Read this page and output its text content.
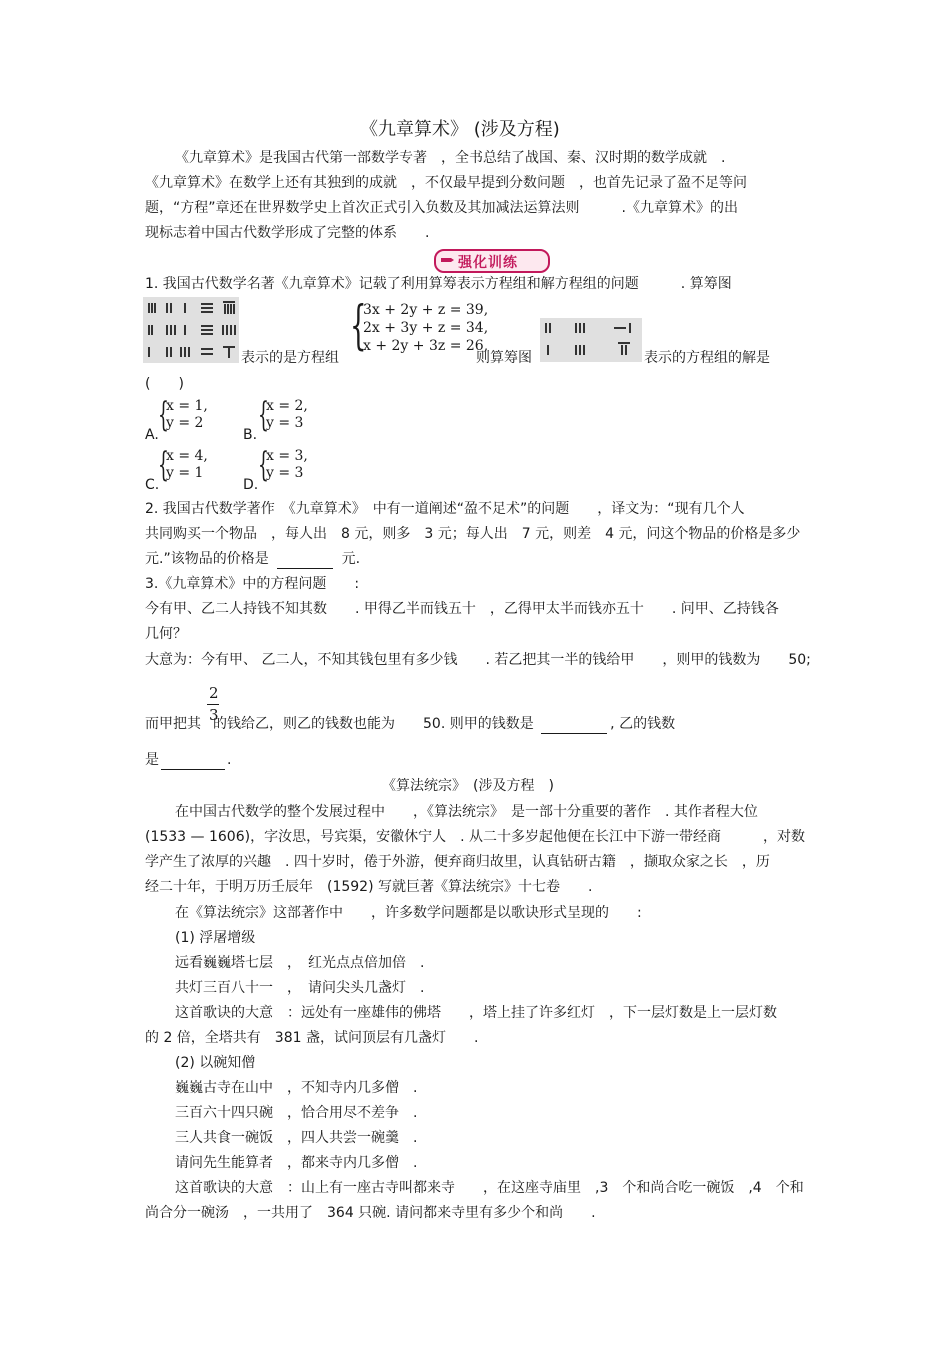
《九章算术》 (涉及方程)
《九章算术》是我国古代第一部数学专著　，全书总结了战国、秦、汉时期的数学成就　.
《九章算术》在数学上还有其独到的成就　，不仅最早提到分数问题　，也首先记录了盈不足等问
题，“方程”章还在世界数学史上首次正式引入负数及其加减法运算法则　　　.《九章算术》的出
现标志着中国古代数学形成了完整的体系　　.
强化训练
1. 我国古代数学名著《九章算术》记载了利用算筹表示方程组和解方程组的问题　　　. 算筹图
表示的是方程组
{
3x + 2y + z = 39,
2x + 3y + z = 34,
x + 2y + 3z = 26,
则算筹图	表示的方程组的解是
(　　)
A. {
x = 1,
y = 2
B. {
x = 2,
y = 3
C.
{
x = 4,
y = 1
D. {
x = 3,
y = 3
2. 我国古代数学著作　《九章算术》　中有一道阐述“盈不足术”的问题　　，译文为：“现有几个人
共同购买一个物品　，每人出　8 元，则多　3 元；每人出　7 元，则差　4 元，问这个物品的价格是多少
元.”该物品的价格是	元.
3.《九章算术》中的方程问题　　:
今有甲、乙二人持钱不知其数　　. 甲得乙半而钱五十　，乙得甲太半而钱亦五十　　. 问甲、乙持钱各
几何？
大意为：今有甲、 乙二人，不知其钱包里有多少钱　　. 若乙把其一半的钱给甲　　，则甲的钱数为　　50;
2
3
而甲把其 的钱给乙，则乙的钱数也能为　　50. 则甲的钱数是	, 乙的钱数
是	.
《算法统宗》　(涉及方程　)
在中国古代数学的整个发展过程中　　，《算法统宗》　是一部十分重要的著作　. 其作者程大位
(1533 — 1606)，字汝思，号宾渠，安徽休宁人　. 从二十多岁起他便在长江中下游一带经商　　　，对数
学产生了浓厚的兴趣　. 四十岁时，倦于外游，便弃商归故里，认真钻研古籍　，撷取众家之长　，历
经二十年，于明万历壬辰年　(1592) 写就巨著《算法统宗》十七卷　　.
在《算法统宗》这部著作中　　，许多数学问题都是以歌诀形式呈现的　　:
(1) 浮屠增级
远看巍巍塔七层　，　红光点点倍加倍　.
共灯三百八十一　，　请问尖头几盏灯　.
这首歌诀的大意　：远处有一座雄伟的佛塔　　，塔上挂了许多红灯　，下一层灯数是上一层灯数
的 2 倍，全塔共有　381 盏，试问顶层有几盏灯　　.
(2) 以碗知僧
巍巍古寺在山中　，不知寺内几多僧　.
三百六十四只碗　，恰合用尽不差争　.
三人共食一碗饭　，四人共尝一碗羹　.
请问先生能算者　，都来寺内几多僧　.
这首歌诀的大意　：山上有一座古寺叫都来寺　　，在这座寺庙里　,3　个和尚合吃一碗饭　,4　个和
尚合分一碗汤　，一共用了　364 只碗. 请问都来寺里有多少个和尚　　.
